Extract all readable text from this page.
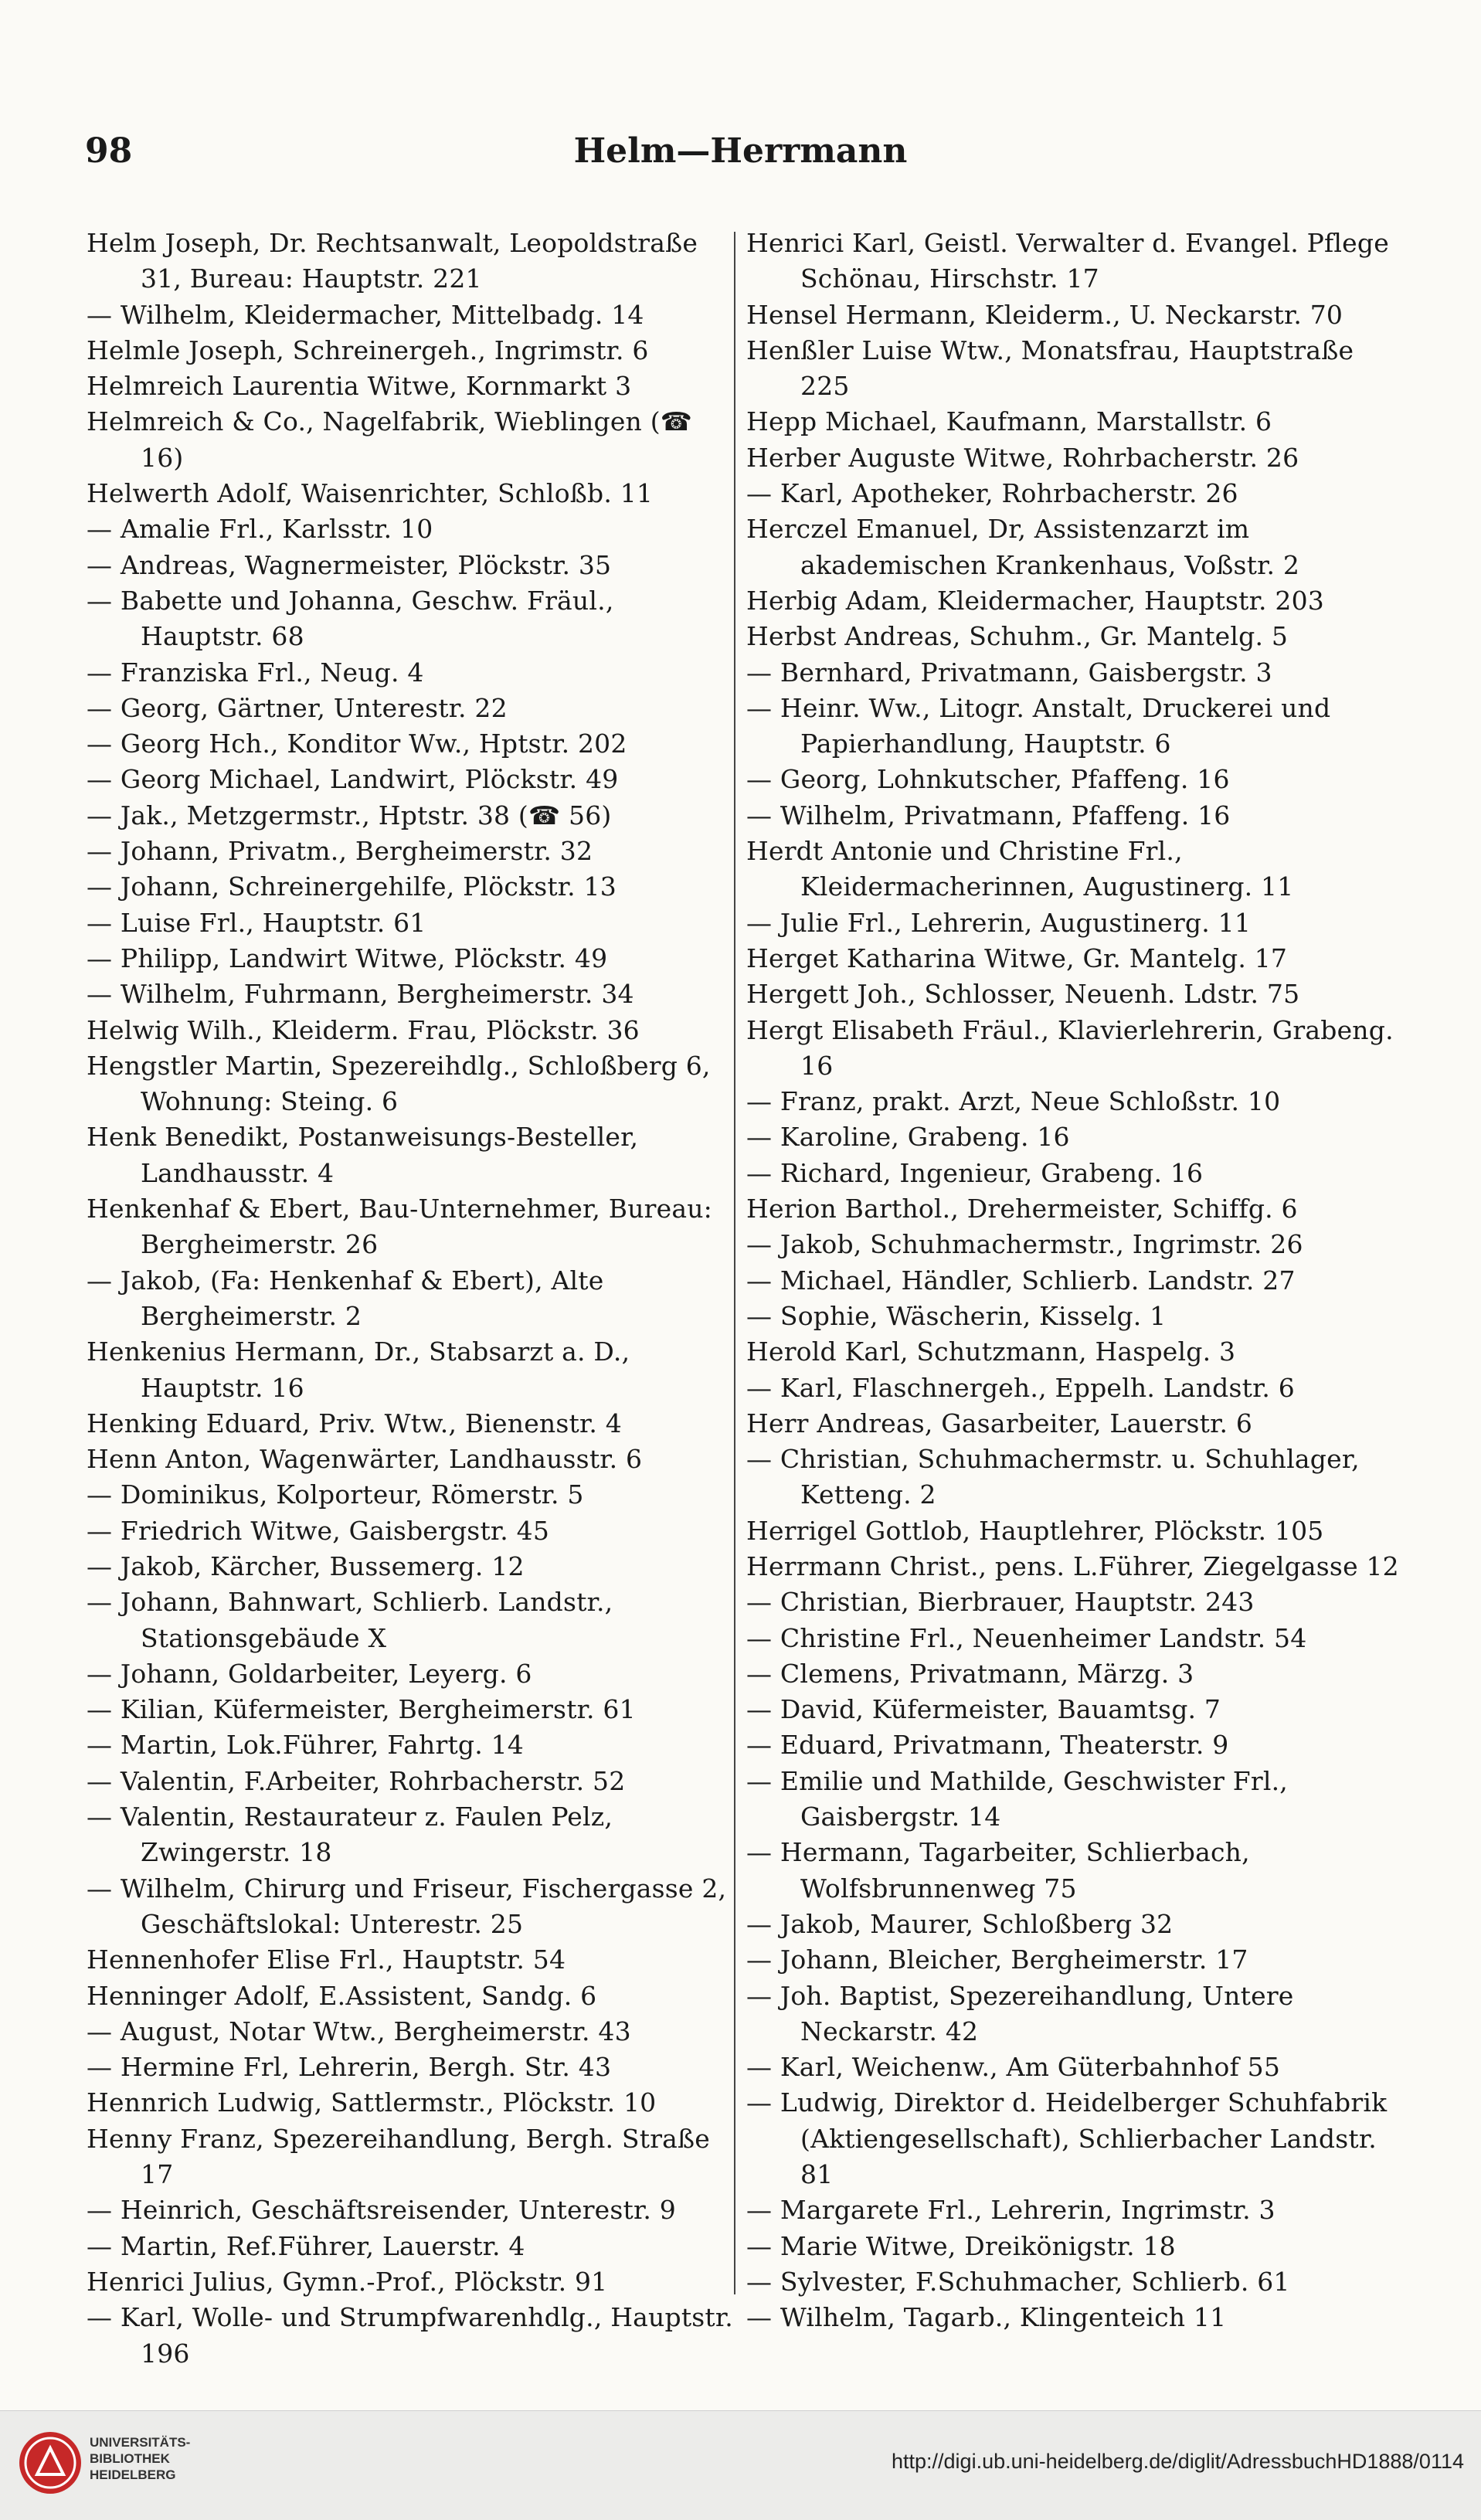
98	Helm—Herrmann
Helm Joseph, Dr. Rechtsanwalt, Leopoldstraße 31, Bureau: Hauptstr. 221
— Wilhelm, Kleidermacher, Mittelbadg. 14
Helmle Joseph, Schreinergeh., Ingrimstr. 6
Helmreich Laurentia Witwe, Kornmarkt 3
Helmreich & Co., Nagelfabrik, Wieblingen (☎ 16)
Helwerth Adolf, Waisenrichter, Schloßb. 11
— Amalie Frl., Karlsstr. 10
— Andreas, Wagnermeister, Plöckstr. 35
— Babette und Johanna, Geschw. Fräul., Hauptstr. 68
— Franziska Frl., Neug. 4
— Georg, Gärtner, Unterestr. 22
— Georg Hch., Konditor Ww., Hptstr. 202
— Georg Michael, Landwirt, Plöckstr. 49
— Jak., Metzgermstr., Hptstr. 38 (☎ 56)
— Johann, Privatm., Bergheimerstr. 32
— Johann, Schreinergehilfe, Plöckstr. 13
— Luise Frl., Hauptstr. 61
— Philipp, Landwirt Witwe, Plöckstr. 49
— Wilhelm, Fuhrmann, Bergheimerstr. 34
Helwig Wilh., Kleiderm. Frau, Plöckstr. 36
Hengstler Martin, Spezereihdlg., Schloßberg 6, Wohnung: Steing. 6
Henk Benedikt, Postanweisungs-Besteller, Landhausstr. 4
Henkenhaf & Ebert, Bau-Unternehmer, Bureau: Bergheimerstr. 26
— Jakob, (Fa: Henkenhaf & Ebert), Alte Bergheimerstr. 2
Henkenius Hermann, Dr., Stabsarzt a. D., Hauptstr. 16
Henking Eduard, Priv. Wtw., Bienenstr. 4
Henn Anton, Wagenwärter, Landhausstr. 6
— Dominikus, Kolporteur, Römerstr. 5
— Friedrich Witwe, Gaisbergstr. 45
— Jakob, Kärcher, Bussemerg. 12
— Johann, Bahnwart, Schlierb. Landstr., Stationsgebäude X
— Johann, Goldarbeiter, Leyerg. 6
— Kilian, Küfermeister, Bergheimerstr. 61
— Martin, Lok.Führer, Fahrtg. 14
— Valentin, F.Arbeiter, Rohrbacherstr. 52
— Valentin, Restaurateur z. Faulen Pelz, Zwingerstr. 18
— Wilhelm, Chirurg und Friseur, Fischergasse 2, Geschäftslokal: Unterestr. 25
Hennenhofer Elise Frl., Hauptstr. 54
Henninger Adolf, E.Assistent, Sandg. 6
— August, Notar Wtw., Bergheimerstr. 43
— Hermine Frl, Lehrerin, Bergh. Str. 43
Hennrich Ludwig, Sattlermstr., Plöckstr. 10
Henny Franz, Spezereihandlung, Bergh. Straße 17
— Heinrich, Geschäftsreisender, Unterestr. 9
— Martin, Ref.Führer, Lauerstr. 4
Henrici Julius, Gymn.-Prof., Plöckstr. 91
— Karl, Wolle- und Strumpfwarenhdlg., Hauptstr. 196
Henrici Karl, Geistl. Verwalter d. Evangel. Pflege Schönau, Hirschstr. 17
Hensel Hermann, Kleiderm., U. Neckarstr. 70
Henßler Luise Wtw., Monatsfrau, Hauptstraße 225
Hepp Michael, Kaufmann, Marstallstr. 6
Herber Auguste Witwe, Rohrbacherstr. 26
— Karl, Apotheker, Rohrbacherstr. 26
Herczel Emanuel, Dr, Assistenzarzt im akademischen Krankenhaus, Voßstr. 2
Herbig Adam, Kleidermacher, Hauptstr. 203
Herbst Andreas, Schuhm., Gr. Mantelg. 5
— Bernhard, Privatmann, Gaisbergstr. 3
— Heinr. Ww., Litogr. Anstalt, Druckerei und Papierhandlung, Hauptstr. 6
— Georg, Lohnkutscher, Pfaffeng. 16
— Wilhelm, Privatmann, Pfaffeng. 16
Herdt Antonie und Christine Frl., Kleidermacherinnen, Augustinerg. 11
— Julie Frl., Lehrerin, Augustinerg. 11
Herget Katharina Witwe, Gr. Mantelg. 17
Hergett Joh., Schlosser, Neuenh. Ldstr. 75
Hergt Elisabeth Fräul., Klavierlehrerin, Grabeng. 16
— Franz, prakt. Arzt, Neue Schloßstr. 10
— Karoline, Grabeng. 16
— Richard, Ingenieur, Grabeng. 16
Herion Barthol., Drehermeister, Schiffg. 6
— Jakob, Schuhmachermstr., Ingrimstr. 26
— Michael, Händler, Schlierb. Landstr. 27
— Sophie, Wäscherin, Kisselg. 1
Herold Karl, Schutzmann, Haspelg. 3
— Karl, Flaschnergeh., Eppelh. Landstr. 6
Herr Andreas, Gasarbeiter, Lauerstr. 6
— Christian, Schuhmachermstr. u. Schuhlager, Ketteng. 2
Herrigel Gottlob, Hauptlehrer, Plöckstr. 105
Herrmann Christ., pens. L.Führer, Ziegelgasse 12
— Christian, Bierbrauer, Hauptstr. 243
— Christine Frl., Neuenheimer Landstr. 54
— Clemens, Privatmann, Märzg. 3
— David, Küfermeister, Bauamtsg. 7
— Eduard, Privatmann, Theaterstr. 9
— Emilie und Mathilde, Geschwister Frl., Gaisbergstr. 14
— Hermann, Tagarbeiter, Schlierbach, Wolfsbrunnenweg 75
— Jakob, Maurer, Schloßberg 32
— Johann, Bleicher, Bergheimerstr. 17
— Joh. Baptist, Spezereihandlung, Untere Neckarstr. 42
— Karl, Weichenw., Am Güterbahnhof 55
— Ludwig, Direktor d. Heidelberger Schuhfabrik (Aktiengesellschaft), Schlierbacher Landstr. 81
— Margarete Frl., Lehrerin, Ingrimstr. 3
— Marie Witwe, Dreikönigstr. 18
— Sylvester, F.Schuhmacher, Schlierb. 61
— Wilhelm, Tagarb., Klingenteich 11
UNIVERSITÄTS-
BIBLIOTHEK
HEIDELBERG
http://digi.ub.uni-heidelberg.de/diglit/AdressbuchHD1888/0114
